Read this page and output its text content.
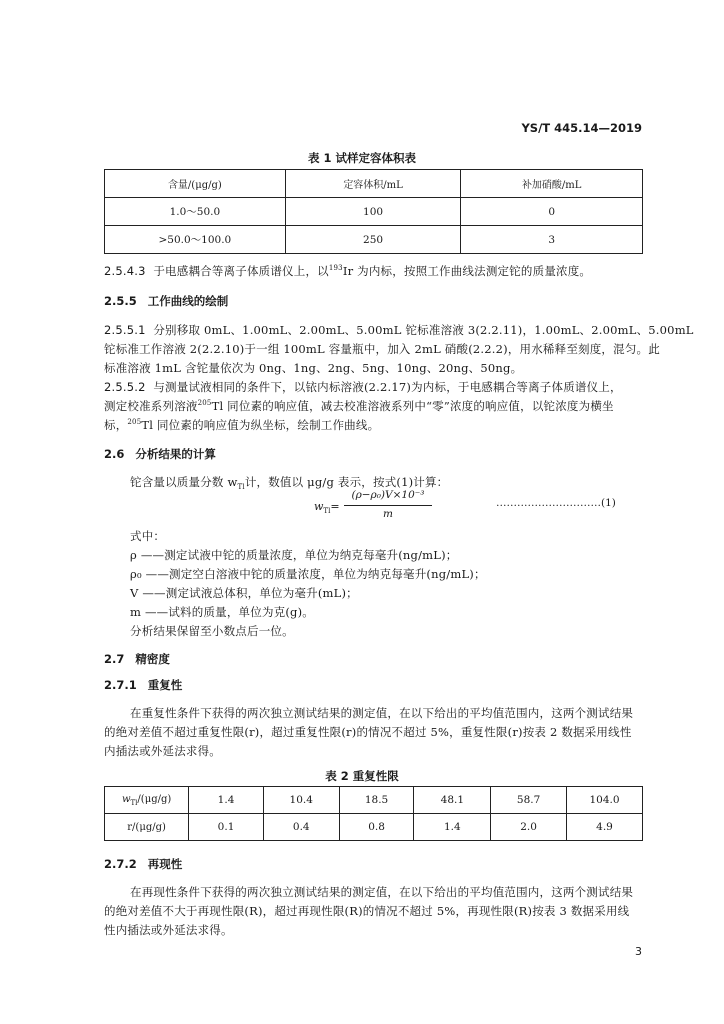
YS/T 445.14—2019
表 1 试样定容体积表
含量/(μg/g)	定容体积/mL	补加硝酸/mL
1.0～50.0	100	0
>50.0～100.0	250	3
2.5.4.3 于电感耦合等离子体质谱仪上，以$^{193}$Ir 为内标，按照工作曲线法测定铊的质量浓度。
2.5.5 工作曲线的绘制
2.5.5.1 分别移取 0mL、1.00mL、2.00mL、5.00mL 铊标准溶液 3(2.2.11)，1.00mL、2.00mL、5.00mL
铊标准工作溶液 2(2.2.10)于一组 100mL 容量瓶中，加入 2mL 硝酸(2.2.2)，用水稀释至刻度，混匀。此
标准溶液 1mL 含铊量依次为 0ng、1ng、2ng、5ng、10ng、20ng、50ng。
2.5.5.2 与测量试液相同的条件下，以铱内标溶液(2.2.17)为内标，于电感耦合等离子体质谱仪上，
测定校准系列溶液$^{205}$Tl 同位素的响应值，减去校准溶液系列中“零”浓度的响应值，以铊浓度为横坐
标，$^{205}$Tl 同位素的响应值为纵坐标，绘制工作曲线。
2.6 分析结果的计算
铊含量以质量分数 $w_{Tl}$计，数值以 μg/g 表示，按式(1)计算：
$w_{Tl}=$
(ρ−ρ₀)V×10⁻³
m
…………………………(1)
式中：
ρ ——测定试液中铊的质量浓度，单位为纳克每毫升(ng/mL)；
ρ₀ ——测定空白溶液中铊的质量浓度，单位为纳克每毫升(ng/mL)；
V ——测定试液总体积，单位为毫升(mL)；
m ——试料的质量，单位为克(g)。
分析结果保留至小数点后一位。
2.7 精密度
2.7.1 重复性
在重复性条件下获得的两次独立测试结果的测定值，在以下给出的平均值范围内，这两个测试结果
的绝对差值不超过重复性限(r)，超过重复性限(r)的情况不超过 5%，重复性限(r)按表 2 数据采用线性
内插法或外延法求得。
表 2 重复性限
$w_{Tl}/(\mu g/g)$	1.4	10.4	18.5	48.1	58.7	104.0
r/(μg/g)	0.1	0.4	0.8	1.4	2.0	4.9
2.7.2 再现性
在再现性条件下获得的两次独立测试结果的测定值，在以下给出的平均值范围内，这两个测试结果
的绝对差值不大于再现性限(R)，超过再现性限(R)的情况不超过 5%，再现性限(R)按表 3 数据采用线
性内插法或外延法求得。
3
